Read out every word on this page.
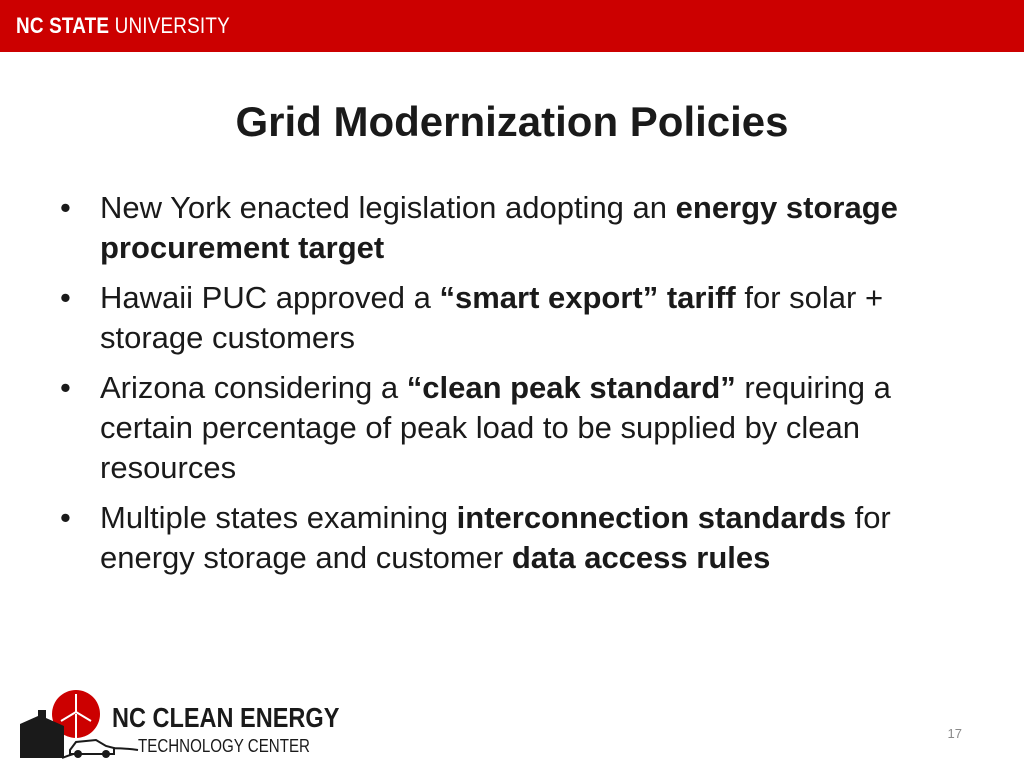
NC STATE UNIVERSITY
Grid Modernization Policies
• New York enacted legislation adopting an energy storage procurement target
• Hawaii PUC approved a “smart export” tariff for solar + storage customers
• Arizona considering a “clean peak standard” requiring a certain percentage of peak load to be supplied by clean resources
• Multiple states examining interconnection standards for energy storage and customer data access rules
NC CLEAN ENERGY
TECHNOLOGY CENTER
17
